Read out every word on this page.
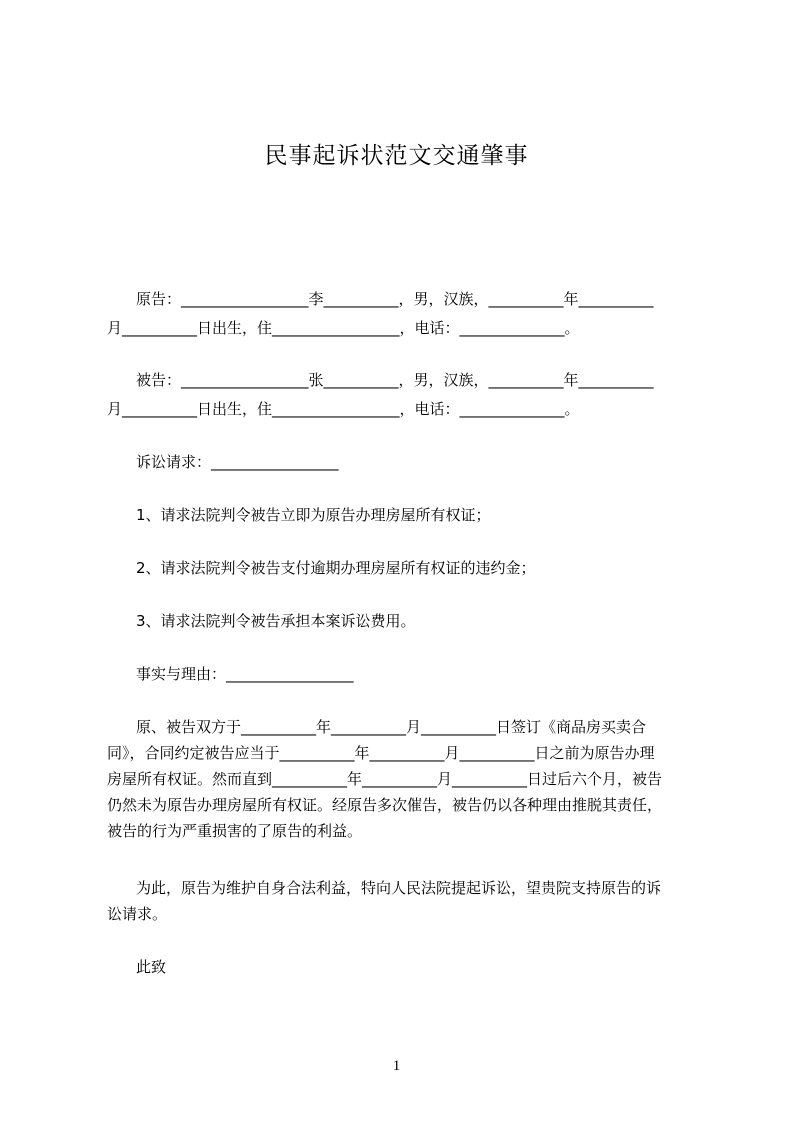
民事起诉状范文交通肇事
原告：_________________李__________，男，汉族，__________年__________
月__________日出生，住_________________，电话：______________。
被告：_________________张__________，男，汉族，__________年__________
月__________日出生，住_________________，电话：______________。
诉讼请求：_________________
1、请求法院判令被告立即为原告办理房屋所有权证；
2、请求法院判令被告支付逾期办理房屋所有权证的违约金；
3、请求法院判令被告承担本案诉讼费用。
事实与理由：_________________
原、被告双方于__________年__________月__________日签订《商品房买卖合
同》，合同约定被告应当于__________年__________月__________日之前为原告办理
房屋所有权证。然而直到__________年__________月__________日过后六个月，被告
仍然未为原告办理房屋所有权证。经原告多次催告，被告仍以各种理由推脱其责任，
被告的行为严重损害的了原告的利益。
为此，原告为维护自身合法利益，特向人民法院提起诉讼，望贵院支持原告的诉
讼请求。
此致
1
